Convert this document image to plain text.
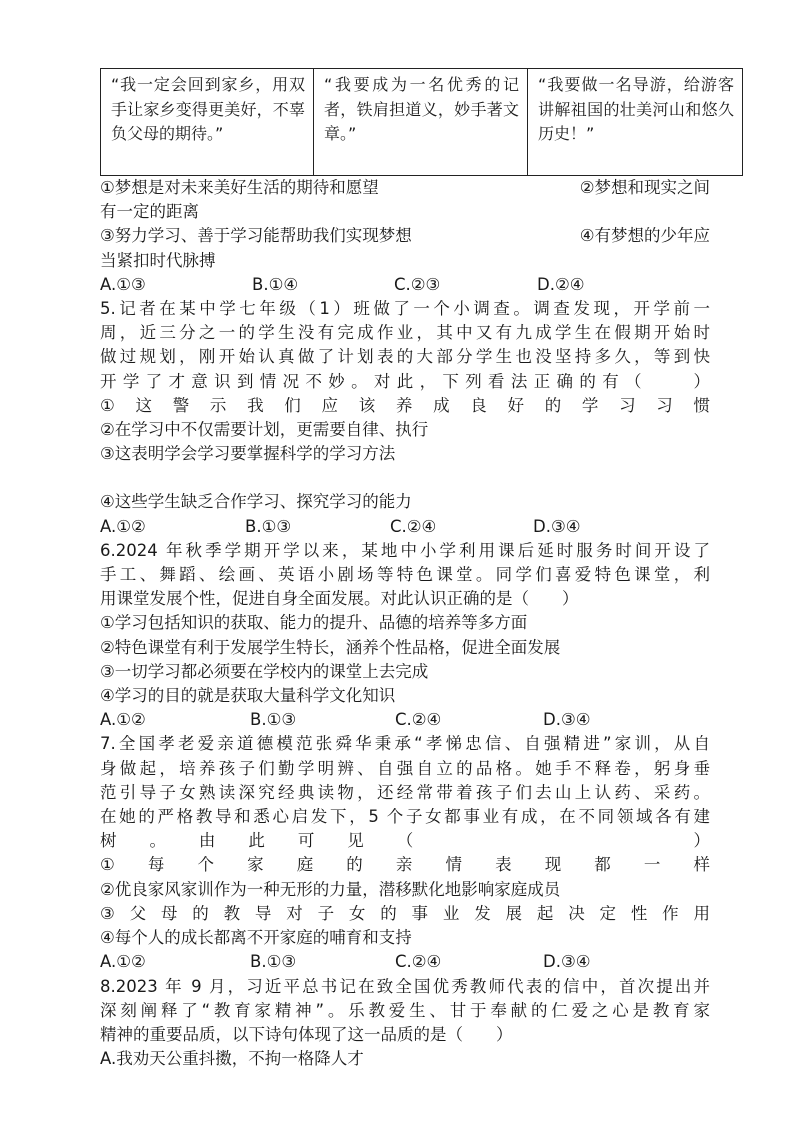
“我一定会回到家乡，用双手让家乡变得更美好，不辜负父母的期待。”	“我要成为一名优秀的记者，铁肩担道义，妙手著文章。”	“我要做一名导游，给游客讲解祖国的壮美河山和悠久历史！”
①梦想是对未来美好生活的期待和愿望	②梦想和现实之间
有一定的距离
③努力学习、善于学习能帮助我们实现梦想	④有梦想的少年应
当紧扣时代脉搏
A.①③	B.①④	C.②③	D.②④
5.记者在某中学七年级（1）班做了一个小调查。调查发现，开学前一
周，近三分之一的学生没有完成作业，其中又有九成学生在假期开始时
做过规划，刚开始认真做了计划表的大部分学生也没坚持多久，等到快
开学了才意识到情况不妙。对此，下列看法正确的有（　　）
①这警示我们应该养成良好的学习习惯
②在学习中不仅需要计划，更需要自律、执行
③这表明学会学习要掌握科学的学习方法
④这些学生缺乏合作学习、探究学习的能力
A.①②	B.①③	C.②④	D.③④
6.2024 年秋季学期开学以来，某地中小学利用课后延时服务时间开设了
手工、舞蹈、绘画、英语小剧场等特色课堂。同学们喜爱特色课堂，利
用课堂发展个性，促进自身全面发展。对此认识正确的是（　　）
①学习包括知识的获取、能力的提升、品德的培养等多方面
②特色课堂有利于发展学生特长，涵养个性品格，促进全面发展
③一切学习都必须要在学校内的课堂上去完成
④学习的目的就是获取大量科学文化知识
A.①②	B.①③	C.②④	D.③④
7.全国孝老爱亲道德模范张舜华秉承“孝悌忠信、自强精进”家训，从自
身做起，培养孩子们勤学明辨、自强自立的品格。她手不释卷，躬身垂
范引导子女熟读深究经典读物，还经常带着孩子们去山上认药、采药。
在她的严格教导和悉心启发下，5 个子女都事业有成，在不同领域各有建
树。由此可见（　　　　　）
①每个家庭的亲情表现都一样
②优良家风家训作为一种无形的力量，潜移默化地影响家庭成员
③父母的教导对子女的事业发展起决定性作用
④每个人的成长都离不开家庭的哺育和支持
A.①②	B.①③	C.②④	D.③④
8.2023 年 9 月，习近平总书记在致全国优秀教师代表的信中，首次提出并
深刻阐释了“教育家精神”。乐教爱生、甘于奉献的仁爱之心是教育家
精神的重要品质，以下诗句体现了这一品质的是（　　）
A.我劝天公重抖擞，不拘一格降人才
